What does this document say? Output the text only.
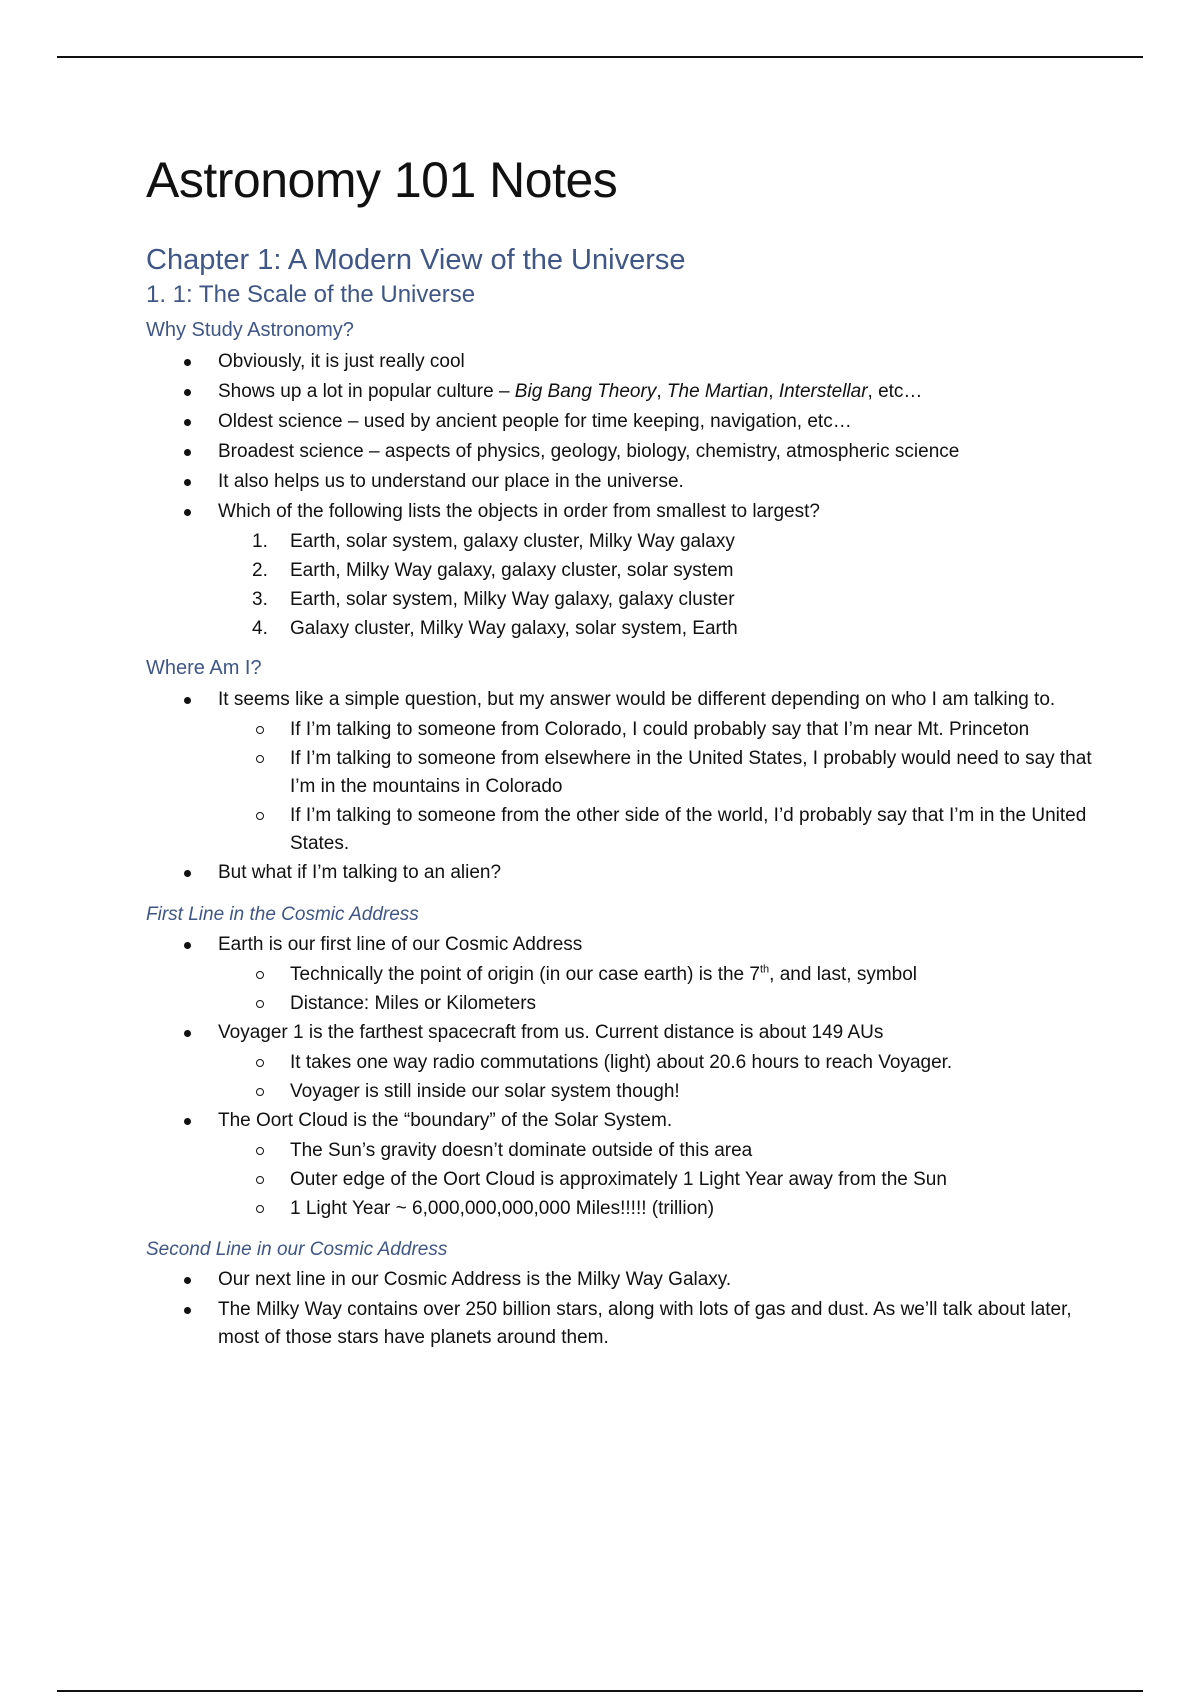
Astronomy 101 Notes
Chapter 1: A Modern View of the Universe
1. 1: The Scale of the Universe
Why Study Astronomy?
Obviously, it is just really cool
Shows up a lot in popular culture – Big Bang Theory, The Martian, Interstellar, etc…
Oldest science – used by ancient people for time keeping, navigation, etc…
Broadest science – aspects of physics, geology, biology, chemistry, atmospheric science
It also helps us to understand our place in the universe.
Which of the following lists the objects in order from smallest to largest?
1. Earth, solar system, galaxy cluster, Milky Way galaxy
2. Earth, Milky Way galaxy, galaxy cluster, solar system
3. Earth, solar system, Milky Way galaxy, galaxy cluster
4. Galaxy cluster, Milky Way galaxy, solar system, Earth
Where Am I?
It seems like a simple question, but my answer would be different depending on who I am talking to.
If I’m talking to someone from Colorado, I could probably say that I’m near Mt. Princeton
If I’m talking to someone from elsewhere in the United States, I probably would need to say that I’m in the mountains in Colorado
If I’m talking to someone from the other side of the world, I’d probably say that I’m in the United States.
But what if I’m talking to an alien?
First Line in the Cosmic Address
Earth is our first line of our Cosmic Address
Technically the point of origin (in our case earth) is the 7th, and last, symbol
Distance: Miles or Kilometers
Voyager 1 is the farthest spacecraft from us. Current distance is about 149 AUs
It takes one way radio commutations (light) about 20.6 hours to reach Voyager.
Voyager is still inside our solar system though!
The Oort Cloud is the “boundary” of the Solar System.
The Sun’s gravity doesn’t dominate outside of this area
Outer edge of the Oort Cloud is approximately 1 Light Year away from the Sun
1 Light Year ~ 6,000,000,000,000 Miles!!!!! (trillion)
Second Line in our Cosmic Address
Our next line in our Cosmic Address is the Milky Way Galaxy.
The Milky Way contains over 250 billion stars, along with lots of gas and dust. As we’ll talk about later, most of those stars have planets around them.
